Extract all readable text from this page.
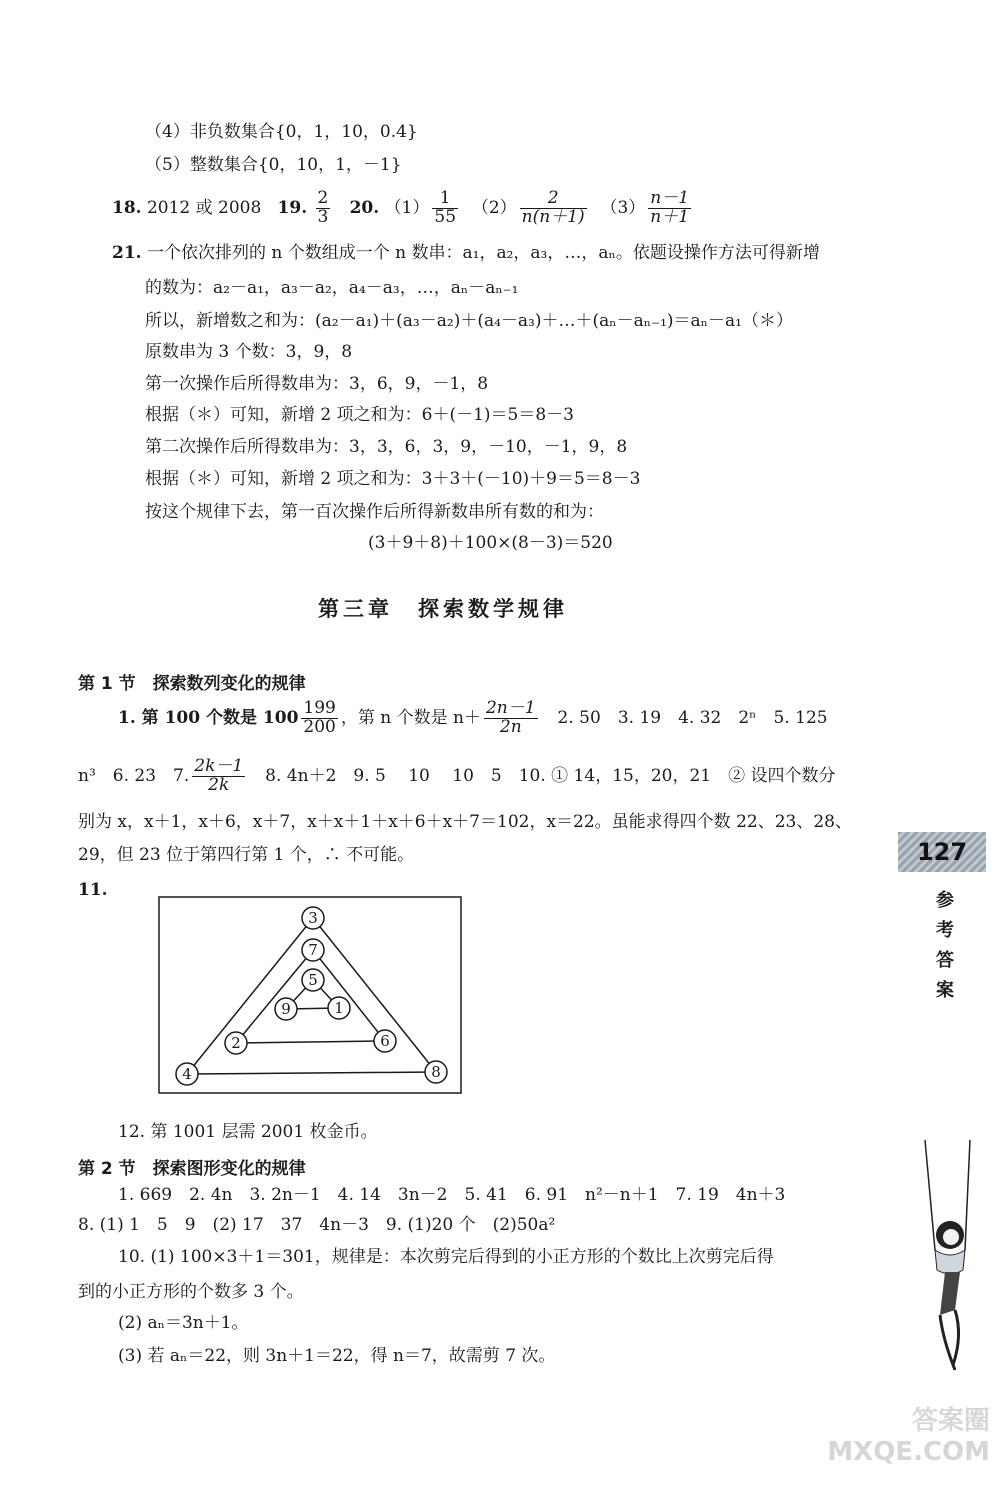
（4）非负数集合{0，1，10，0.4}
（5）整数集合{0，10，1，－1}
18. 2012 或 2008 19. $\frac{2}{3} 20$. $(1) \frac{1}{55} (2) \frac{2}{n(n+1)} (3) \frac{n-1}{n+1}$
21. 一个依次排列的 n 个数组成一个 n 数串：a₁，a₂，a₃，…，aₙ。依题设操作方法可得新增
的数为：a₂－a₁，a₃－a₂，a₄－a₃，…，aₙ－aₙ₋₁
所以，新增数之和为：(a₂－a₁)＋(a₃－a₂)＋(a₄－a₃)＋…＋(aₙ－aₙ₋₁)＝aₙ－a₁（＊）
原数串为 3 个数：3，9，8
第一次操作后所得数串为：3，6，9，－1，8
根据（＊）可知，新增 2 项之和为：6＋(－1)＝5＝8－3
第二次操作后所得数串为：3，3，6，3，9，－10，－1，9，8
根据（＊）可知，新增 2 项之和为：3＋3＋(－10)＋9＝5＝8－3
按这个规律下去，第一百次操作后所得新数串所有数的和为：
(3＋9＋8)＋100×(8－3)＝520
第三章　探索数学规律
第 1 节　探索数列变化的规律
1. 第 100 个数是 $100 \frac{199}{200}$ ，第 n 个数是 $n+ \frac{2n-1}{2n}$ 　2. 50　3. 19　4. 32　2ⁿ　5. 125
n³　6. 23　7. $\frac{2k-1}{2k}$ 　8. 4n＋2　9. 5　 10　 10　5　10. ① 14，15，20，21　② 设四个数分
别为 x，x＋1，x＋6，x＋7，x＋x＋1＋x＋6＋x＋7＝102，x＝22。虽能求得四个数 22、23、28、
29，但 23 位于第四行第 1 个，∴ 不可能。
11.
3
4	8
7
2	6
5
9	1
12. 第 1001 层需 2001 枚金币。
第 2 节　探索图形变化的规律
1. 669　2. 4n　3. 2n－1　4. 14　3n－2　5. 41　6. 91　n²－n＋1　7. 19　4n＋3
8. (1) 1　5　9　(2) 17　37　4n－3　9. (1)20 个　(2)50a²
10. (1) 100×3＋1＝301，规律是：本次剪完后得到的小正方形的个数比上次剪完后得
到的小正方形的个数多 3 个。
(2) aₙ＝3n＋1。
(3) 若 aₙ＝22，则 3n＋1＝22，得 n＝7，故需剪 7 次。
127
参考答案
答案圈 MXQE.COM
